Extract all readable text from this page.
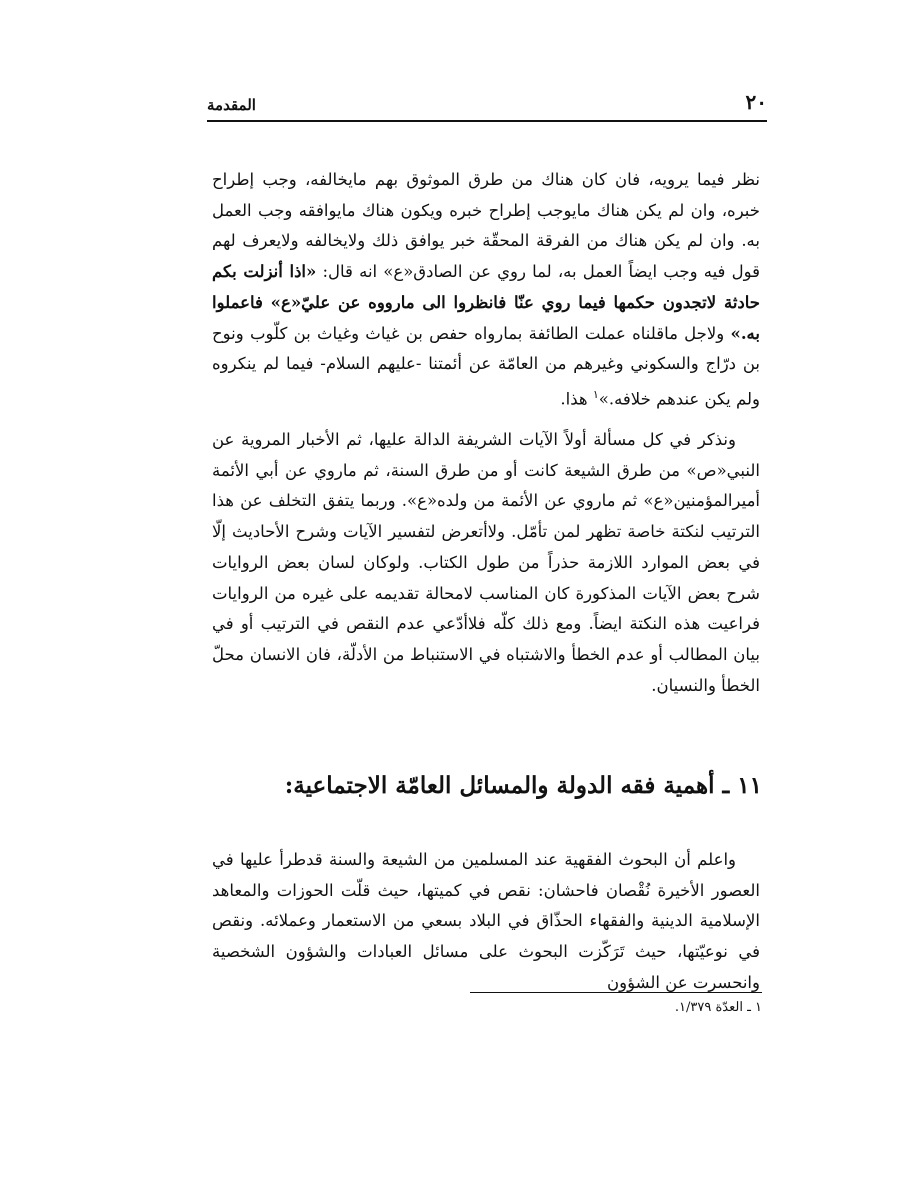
٢٠
المقدمة

نظر فيما يرويه، فان كان هناك من طرق الموثوق بهم مايخالفه، وجب إطراح خبره، وان لم يكن هناك مايوجب إطراح خبره ويكون هناك مايوافقه وجب العمل به. وان لم يكن هناك من الفرقة المحقّة خبر يوافق ذلك ولايخالفه ولايعرف لهم قول فيه وجب ايضاً العمل به، لما روي عن الصادق«ع» انه قال: «اذا أنزلت بكم حادثة لاتجدون حكمها فيما روي عنّا فانظروا الى مارووه عن عليّ«ع» فاعملوا به.» ولاجل ماقلناه عملت الطائفة بمارواه حفص بن غياث وغياث بن كلّوب ونوح بن درّاج والسكوني وغيرهم من العامّة عن أئمتنا -عليهم السلام- فيما لم ينكروه ولم يكن عندهم خلافه.»$^١$ هذا.

ونذكر في كل مسألة أولاً الآيات الشريفة الدالة عليها، ثم الأخبار المروية عن النبي«ص» من طرق الشيعة كانت أو من طرق السنة، ثم ماروي عن أبي الأئمة أميرالمؤمنين«ع» ثم ماروي عن الأئمة من ولده«ع». وربما يتفق التخلف عن هذا الترتيب لنكتة خاصة تظهر لمن تأمّل. ولاأتعرض لتفسير الآيات وشرح الأحاديث إلّا في بعض الموارد اللازمة حذراً من طول الكتاب. ولوكان لسان بعض الروايات شرح بعض الآيات المذكورة كان المناسب لامحالة تقديمه على غيره من الروايات فراعيت هذه النكتة ايضاً. ومع ذلك كلّه فلاأدّعي عدم النقص في الترتيب أو في بيان المطالب أو عدم الخطأ والاشتباه في الاستنباط من الأدلّة، فان الانسان محلّ الخطأ والنسيان.

١١ ـ أهمية فقه الدولة والمسائل العامّة الاجتماعية:

واعلم أن البحوث الفقهية عند المسلمين من الشيعة والسنة قدطرأ عليها في العصور الأخيرة نُقْصان فاحشان: نقص في كميتها، حيث قلّت الحوزات والمعاهد الإسلامية الدينية والفقهاء الحذّاق في البلاد بسعي من الاستعمار وعملائه. ونقص في نوعيّتها، حيث تَرَكّزت البحوث على مسائل العبادات والشؤون الشخصية وانحسرت عن الشؤون

١ ـ العدّة ١/٣٧٩.
